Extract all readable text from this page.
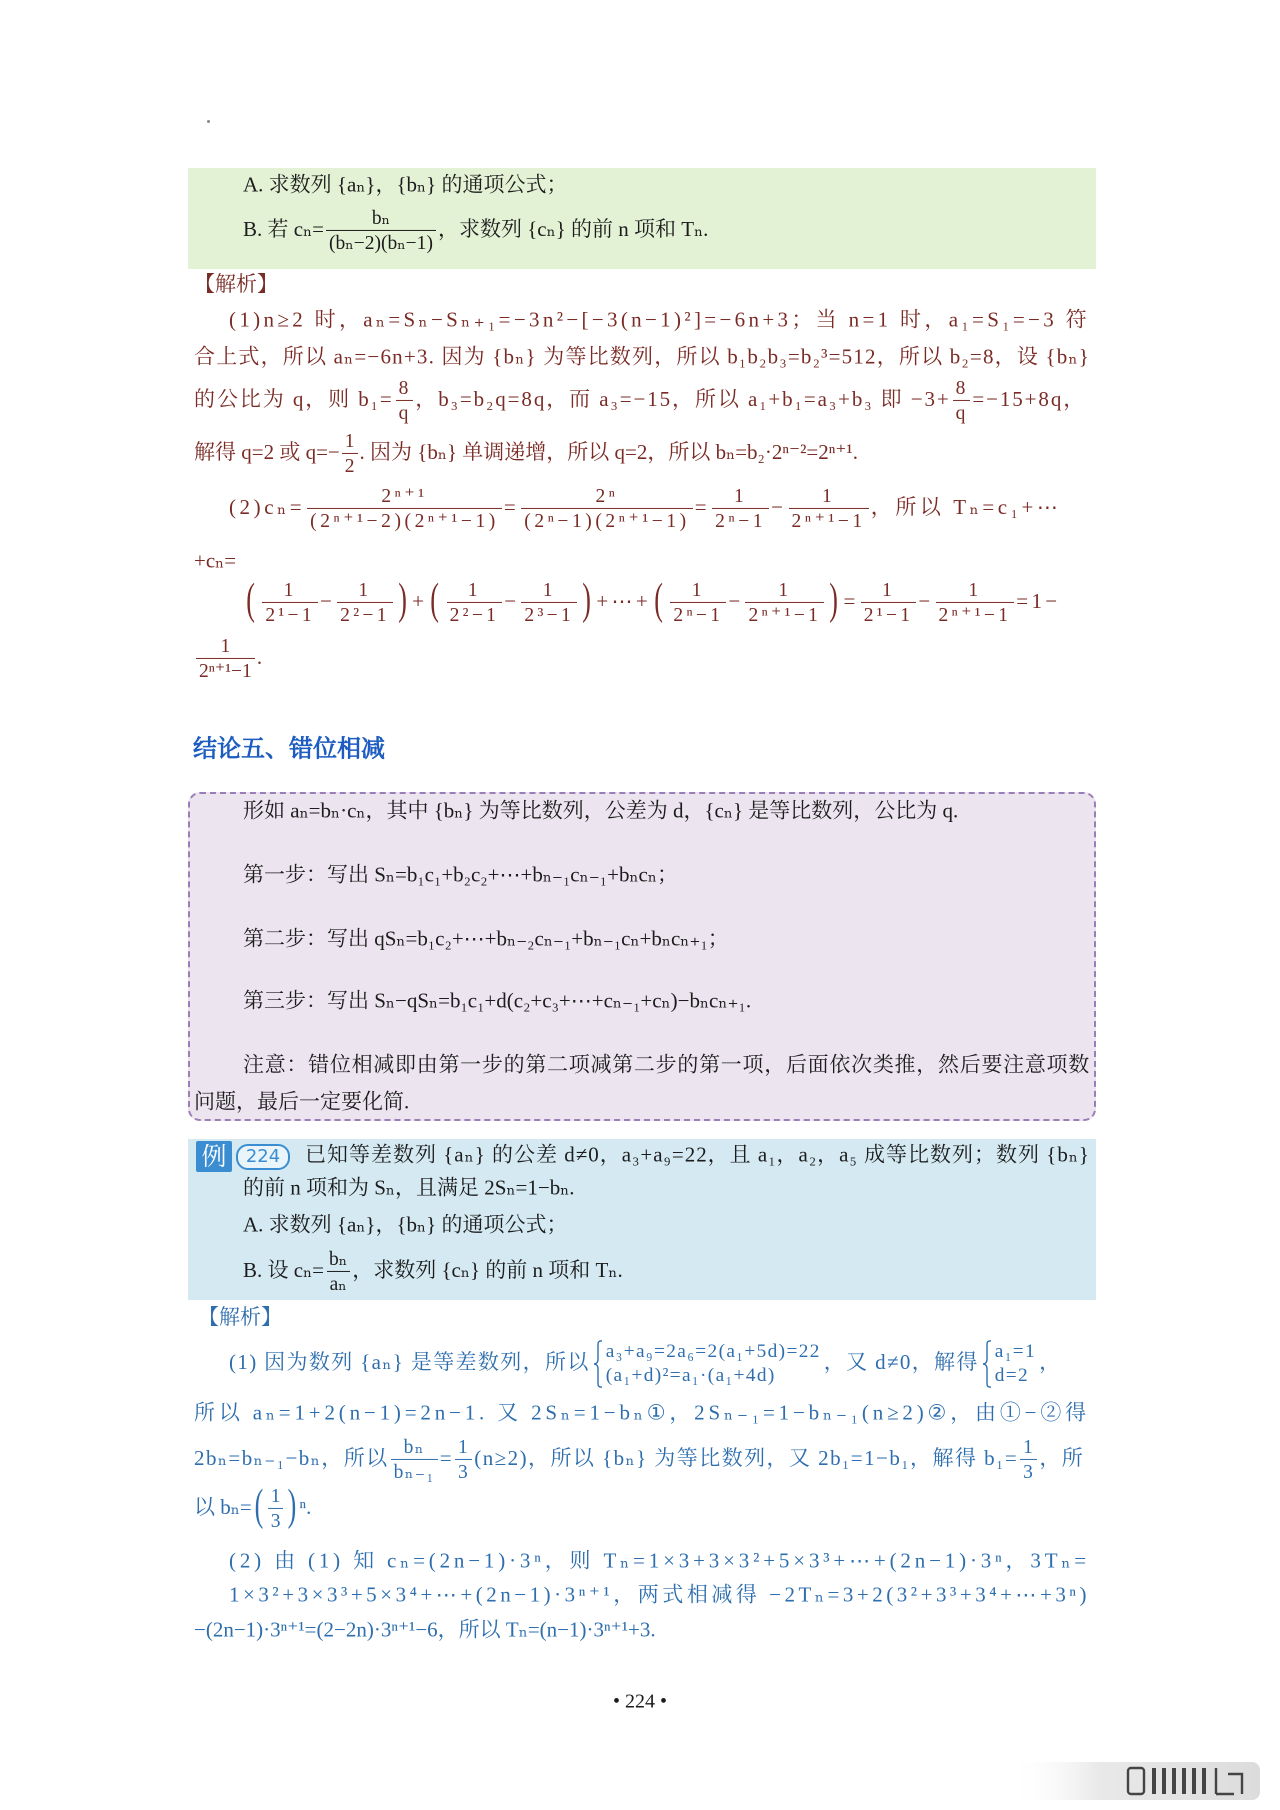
A. 求数列 {aₙ}，{bₙ} 的通项公式；
B. 若 $c_n= \frac{\text{bₙ}}{\text{(bₙ−2)(bₙ−1)}}$ ，求数列 {cₙ} 的前 n 项和 Tₙ.
【解析】
(1)n≥2 时，aₙ=Sₙ−Sₙ₊₁=−3n²−[−3(n−1)²]=−6n+3；当 n=1 时，a₁=S₁=−3 符
合上式，所以 aₙ=−6n+3. 因为 {bₙ} 为等比数列，所以 b₁b₂b₃=b₂³=512，所以 b₂=8，设 {bₙ}
的公比为 q，则 $b_1= \frac{8}{q}$ ，b₃=b₂q=8q，而 a₃=−15，所以 a₁+b₁=a₃+b₃ 即 $-3+ \frac{8}{q} =-15+8q$，
解得 q=2 或 $q=- \frac{1}{2}$ . 因为 {bₙ} 单调递增，所以 q=2，所以 bₙ=b₂·2ⁿ⁻²=2ⁿ⁺¹.
$(2)c_n= \frac{\text{2ⁿ⁺¹}}{\text{(2ⁿ⁺¹−2)(2ⁿ⁺¹−1)}} = \frac{\text{2ⁿ}}{\text{(2ⁿ−1)(2ⁿ⁺¹−1)}} = \frac{1}{\text{2ⁿ−1}} - \frac{1}{\text{2ⁿ⁺¹−1}}$ ，所以 Tₙ=c₁+⋯
+cₙ=
( $\frac{1}{\text{2¹−1}} - \frac{1}{\text{2²−1}}$ ) +( $\frac{1}{\text{2²−1}} - \frac{1}{\text{2³−1}}$ ) +⋯+( $\frac{1}{\text{2ⁿ−1}} - \frac{1}{\text{2ⁿ⁺¹−1}}$ ) = $\frac{1}{\text{2¹−1}} - \frac{1}{\text{2ⁿ⁺¹−1}} =1-$
$\frac{1}{\text{2ⁿ⁺¹−1}}$ .
结论五、错位相减
形如 aₙ=bₙ·cₙ，其中 {bₙ} 为等比数列，公差为 d，{cₙ} 是等比数列，公比为 q.
第一步：写出 Sₙ=b₁c₁+b₂c₂+⋯+bₙ₋₁cₙ₋₁+bₙcₙ；
第二步：写出 qSₙ=b₁c₂+⋯+bₙ₋₂cₙ₋₁+bₙ₋₁cₙ+bₙcₙ₊₁；
第三步：写出 Sₙ−qSₙ=b₁c₁+d(c₂+c₃+⋯+cₙ₋₁+cₙ)−bₙcₙ₊₁.
注意：错位相减即由第一步的第二项减第二步的第一项，后面依次类推，然后要注意项数
问题，最后一定要化简.
例	224	已知等差数列 {aₙ} 的公差 d≠0，a₃+a₉=22，且 a₁，a₂，a₅ 成等比数列；数列 {bₙ}
的前 n 项和为 Sₙ，且满足 2Sₙ=1−bₙ.
A. 求数列 {aₙ}，{bₙ} 的通项公式；
B. 设 $c_n= \frac{\text{bₙ}}{\text{aₙ}}$ ，求数列 {cₙ} 的前 n 项和 Tₙ.
【解析】
(1) 因为数列 {aₙ} 是等差数列，所以 a₃+a₉=2a₆=2(a₁+5d)=22
(a₁+d)²=a₁·(a₁+4d)
，又 d≠0，解得 a₁=1
d=2
，
所以 aₙ=1+2(n−1)=2n−1. 又 2Sₙ=1−bₙ①，2Sₙ₋₁=1−bₙ₋₁(n≥2)②，由①−②得
2bₙ=bₙ₋₁−bₙ，所以 $\frac{\text{bₙ}}{\text{bₙ₋₁}} = \frac{1}{3} (n\ge 2)$，所以 {bₙ} 为等比数列，又 2b₁=1−b₁，解得 $b_1= \frac{1}{3}$ ，所
以 $b_n=( \frac{1}{3}$ ) ⁿ.
(2) 由 (1) 知 cₙ=(2n−1)·3ⁿ，则 Tₙ=1×3+3×3²+5×3³+⋯+(2n−1)·3ⁿ，3Tₙ=
1×3²+3×3³+5×3⁴+⋯+(2n−1)·3ⁿ⁺¹，两式相减得 −2Tₙ=3+2(3²+3³+3⁴+⋯+3ⁿ)
−(2n−1)·3ⁿ⁺¹=(2−2n)·3ⁿ⁺¹−6，所以 Tₙ=(n−1)·3ⁿ⁺¹+3.
• 224 •
